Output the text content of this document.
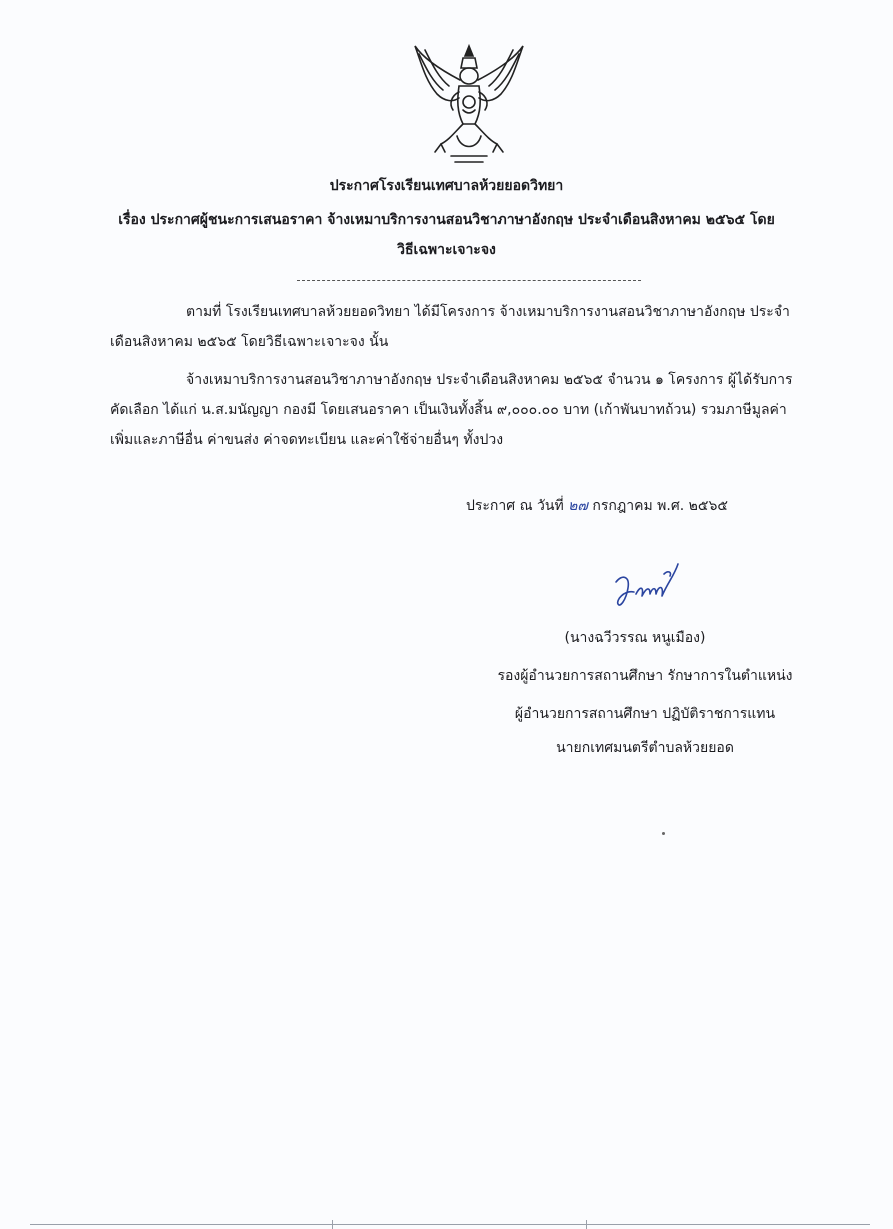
ประกาศโรงเรียนเทศบาลห้วยยอดวิทยา
เรื่อง ประกาศผู้ชนะการเสนอราคา จ้างเหมาบริการงานสอนวิชาภาษาอังกฤษ ประจำเดือนสิงหาคม ๒๕๖๕ โดย
วิธีเฉพาะเจาะจง
ตามที่ โรงเรียนเทศบาลห้วยยอดวิทยา ได้มีโครงการ จ้างเหมาบริการงานสอนวิชาภาษาอังกฤษ ประจำ
เดือนสิงหาคม ๒๕๖๕ โดยวิธีเฉพาะเจาะจง นั้น
จ้างเหมาบริการงานสอนวิชาภาษาอังกฤษ ประจำเดือนสิงหาคม ๒๕๖๕ จำนวน ๑ โครงการ ผู้ได้รับการ
คัดเลือก ได้แก่ น.ส.มนัญญา กองมี โดยเสนอราคา เป็นเงินทั้งสิ้น ๙,๐๐๐.๐๐ บาท (เก้าพันบาทถ้วน) รวมภาษีมูลค่า
เพิ่มและภาษีอื่น ค่าขนส่ง ค่าจดทะเบียน และค่าใช้จ่ายอื่นๆ ทั้งปวง
ประกาศ ณ วันที่ ๒๗ กรกฎาคม พ.ศ. ๒๕๖๕
(นางฉวีวรรณ หนูเมือง)
รองผู้อำนวยการสถานศึกษา รักษาการในตำแหน่ง
ผู้อำนวยการสถานศึกษา ปฏิบัติราชการแทน
นายกเทศมนตรีตำบลห้วยยอด
